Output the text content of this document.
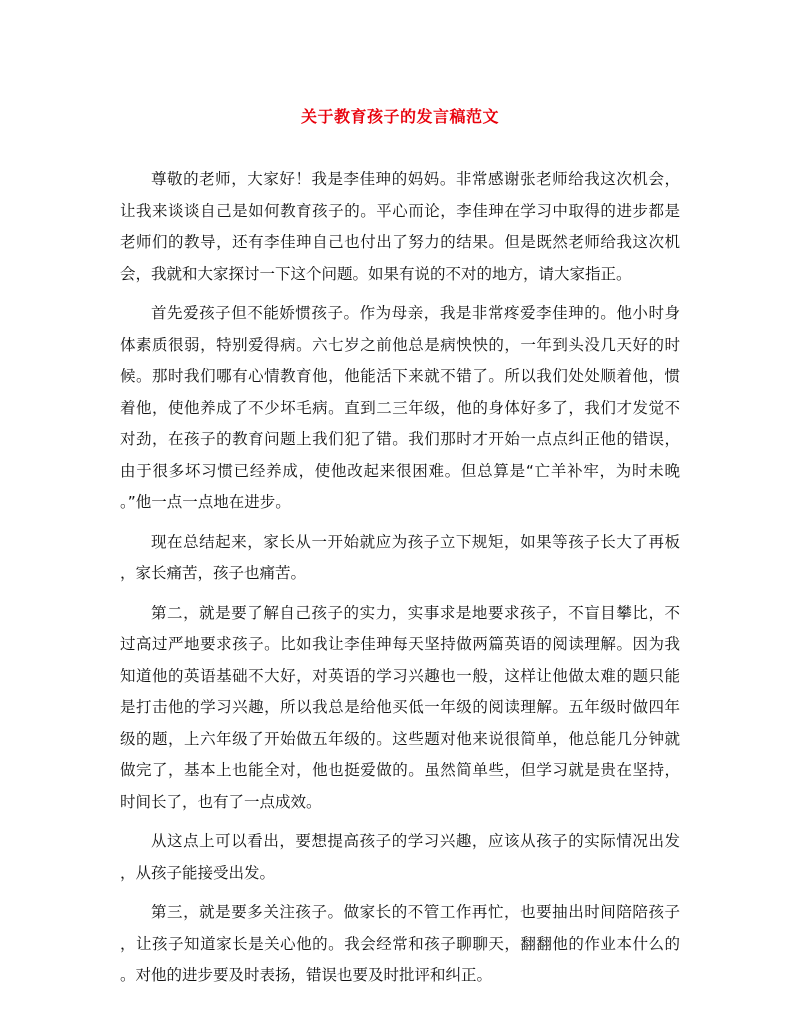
关于教育孩子的发言稿范文
尊敬的老师，大家好！我是李佳珅的妈妈。非常感谢张老师给我这次机会，
让我来谈谈自己是如何教育孩子的。平心而论，李佳珅在学习中取得的进步都是
老师们的教导，还有李佳珅自己也付出了努力的结果。但是既然老师给我这次机
会，我就和大家探讨一下这个问题。如果有说的不对的地方，请大家指正。
首先爱孩子但不能娇惯孩子。作为母亲，我是非常疼爱李佳珅的。他小时身
体素质很弱，特别爱得病。六七岁之前他总是病怏怏的，一年到头没几天好的时
候。那时我们哪有心情教育他，他能活下来就不错了。所以我们处处顺着他，惯
着他，使他养成了不少坏毛病。直到二三年级，他的身体好多了，我们才发觉不
对劲，在孩子的教育问题上我们犯了错。我们那时才开始一点点纠正他的错误，
由于很多坏习惯已经养成，使他改起来很困难。但总算是“亡羊补牢，为时未晚
。”他一点一点地在进步。
现在总结起来，家长从一开始就应为孩子立下规矩，如果等孩子长大了再板
，家长痛苦，孩子也痛苦。
第二，就是要了解自己孩子的实力，实事求是地要求孩子，不盲目攀比，不
过高过严地要求孩子。比如我让李佳珅每天坚持做两篇英语的阅读理解。因为我
知道他的英语基础不大好，对英语的学习兴趣也一般，这样让他做太难的题只能
是打击他的学习兴趣，所以我总是给他买低一年级的阅读理解。五年级时做四年
级的题，上六年级了开始做五年级的。这些题对他来说很简单，他总能几分钟就
做完了，基本上也能全对，他也挺爱做的。虽然简单些，但学习就是贵在坚持，
时间长了，也有了一点成效。
从这点上可以看出，要想提高孩子的学习兴趣，应该从孩子的实际情况出发
，从孩子能接受出发。
第三，就是要多关注孩子。做家长的不管工作再忙，也要抽出时间陪陪孩子
，让孩子知道家长是关心他的。我会经常和孩子聊聊天，翻翻他的作业本什么的
。对他的进步要及时表扬，错误也要及时批评和纠正。
